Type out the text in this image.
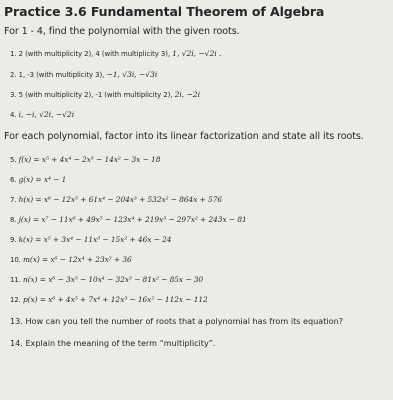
Practice 3.6 Fundamental Theorem of Algebra
For 1 - 4, find the polynomial with the given roots.
1. 2 (with multiplicity 2), 4 (with multiplicity 3), 1, √2i, −√2i .
2. 1, -3 (with multiplicity 3), −1, √3i, −√3i
3. 5 (with multiplicity 2), -1 (with multiplicity 2), 2i, −2i
4. i, −i, √2i, −√2i
For each polynomial, factor into its linear factorization and state all its roots.
5. f(x) = x⁵ + 4x⁴ − 2x³ − 14x² − 3x − 18
6. g(x) = x⁴ − 1
7. h(x) = x⁶ − 12x⁵ + 61x⁴ − 204x³ + 532x² − 864x + 576
8. j(x) = x⁷ − 11x⁶ + 49x⁵ − 123x⁴ + 219x³ − 297x² + 243x − 81
9. k(x) = x⁵ + 3x⁴ − 11x³ − 15x² + 46x − 24
10. m(x) = x⁶ − 12x⁴ + 23x² + 36
11. n(x) = x⁶ − 3x⁵ − 10x⁴ − 32x³ − 81x² − 85x − 30
12. p(x) = x⁶ + 4x⁵ + 7x⁴ + 12x³ − 16x² − 112x − 112
13. How can you tell the number of roots that a polynomial has from its equation?
14. Explain the meaning of the term “multiplicity”.
